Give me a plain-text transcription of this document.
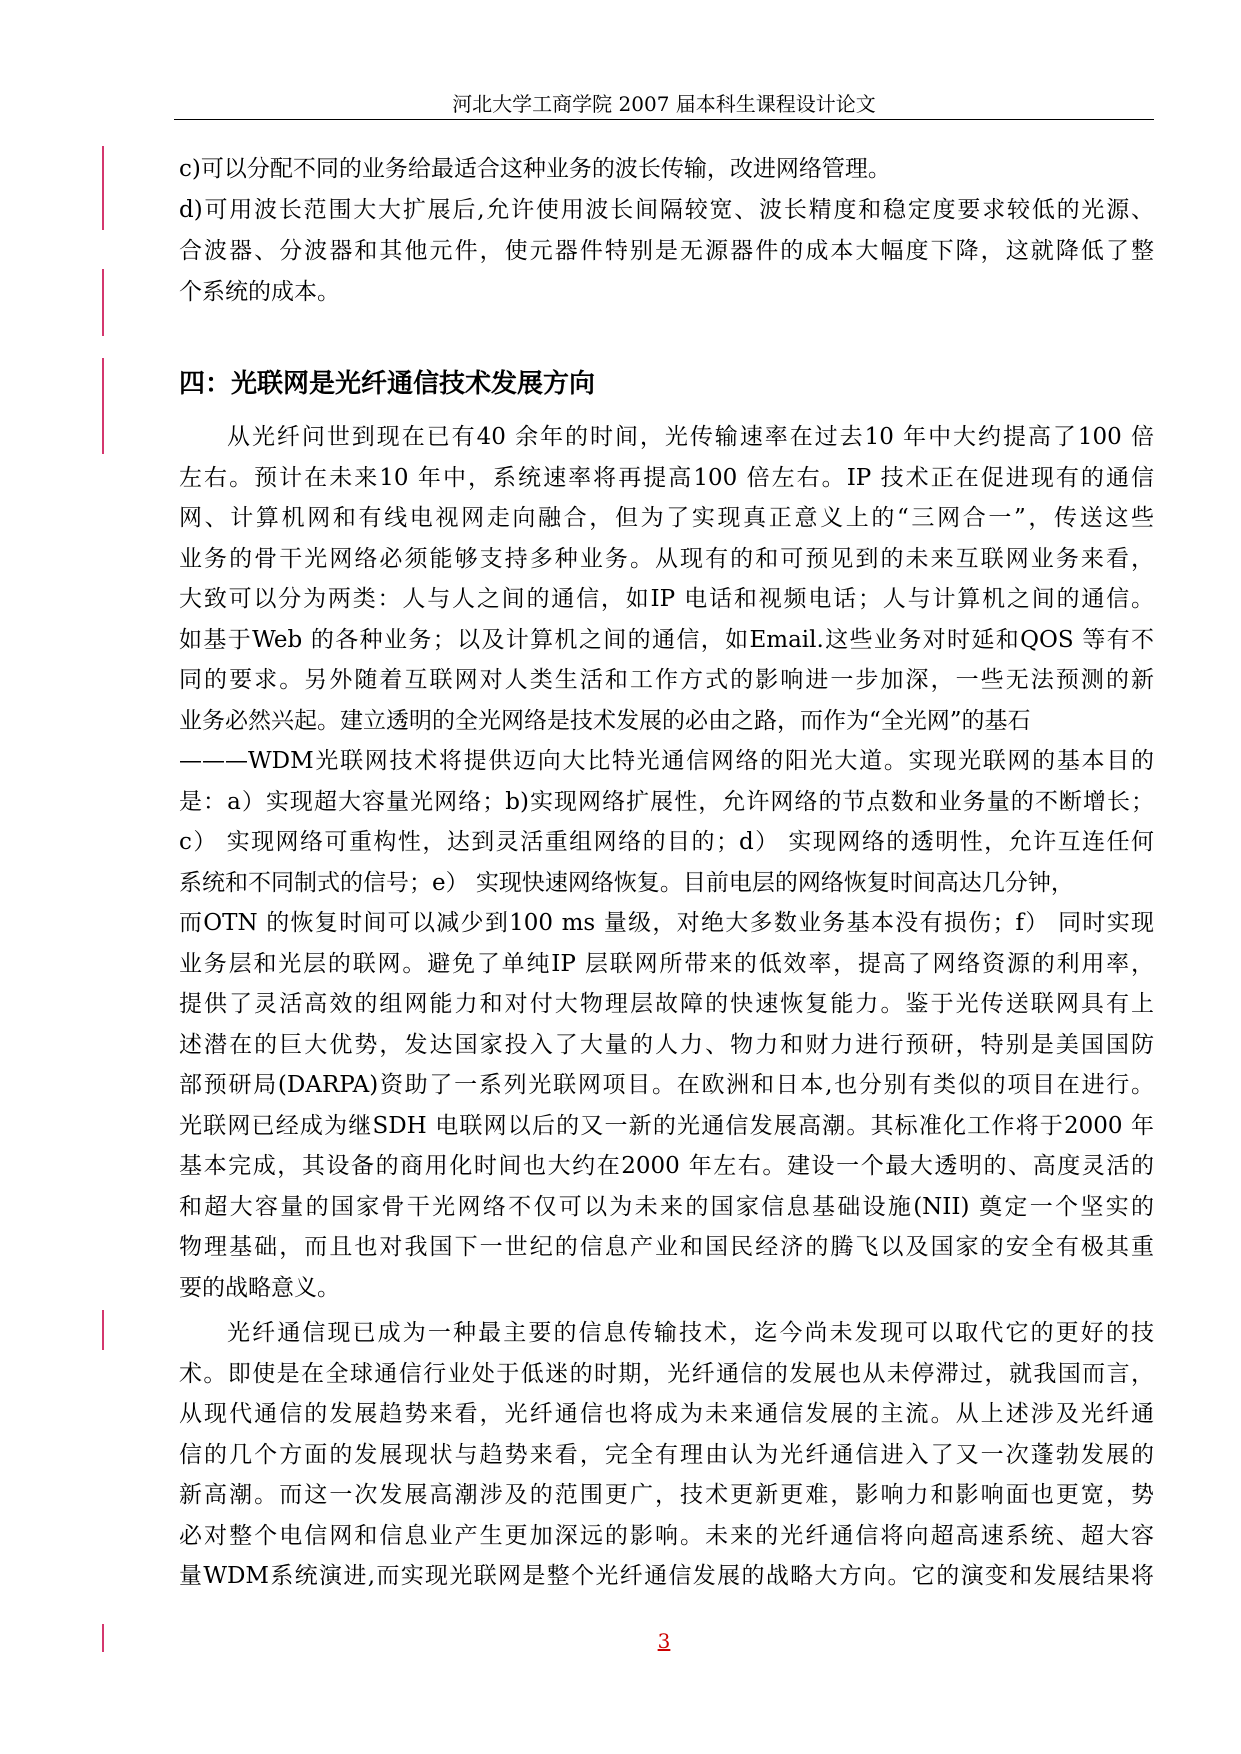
河北大学工商学院 2007 届本科生课程设计论文
c)可以分配不同的业务给最适合这种业务的波长传输，改进网络管理。
d)可用波长范围大大扩展后,允许使用波长间隔较宽、波长精度和稳定度要求较低的光源、
合波器、分波器和其他元件，使元器件特别是无源器件的成本大幅度下降，这就降低了整
个系统的成本。
四：光联网是光纤通信技术发展方向
从光纤问世到现在已有40 余年的时间，光传输速率在过去10 年中大约提高了100 倍
左右。预计在未来10 年中，系统速率将再提高100 倍左右。IP 技术正在促进现有的通信
网、计算机网和有线电视网走向融合，但为了实现真正意义上的“三网合一”，传送这些
业务的骨干光网络必须能够支持多种业务。从现有的和可预见到的未来互联网业务来看，
大致可以分为两类：人与人之间的通信，如IP 电话和视频电话；人与计算机之间的通信。
如基于Web 的各种业务；以及计算机之间的通信，如Email.这些业务对时延和QOS 等有不
同的要求。另外随着互联网对人类生活和工作方式的影响进一步加深，一些无法预测的新
业务必然兴起。建立透明的全光网络是技术发展的必由之路，而作为“全光网”的基石
———WDM光联网技术将提供迈向大比特光通信网络的阳光大道。实现光联网的基本目的
是：a）实现超大容量光网络；b)实现网络扩展性，允许网络的节点数和业务量的不断增长；
c） 实现网络可重构性，达到灵活重组网络的目的；d） 实现网络的透明性，允许互连任何
系统和不同制式的信号；e） 实现快速网络恢复。目前电层的网络恢复时间高达几分钟，
而OTN 的恢复时间可以减少到100 ms 量级，对绝大多数业务基本没有损伤；f） 同时实现
业务层和光层的联网。避免了单纯IP 层联网所带来的低效率，提高了网络资源的利用率，
提供了灵活高效的组网能力和对付大物理层故障的快速恢复能力。鉴于光传送联网具有上
述潜在的巨大优势，发达国家投入了大量的人力、物力和财力进行预研，特别是美国国防
部预研局(DARPA)资助了一系列光联网项目。在欧洲和日本,也分别有类似的项目在进行。
光联网已经成为继SDH 电联网以后的又一新的光通信发展高潮。其标准化工作将于2000 年
基本完成，其设备的商用化时间也大约在2000 年左右。建设一个最大透明的、高度灵活的
和超大容量的国家骨干光网络不仅可以为未来的国家信息基础设施(NII) 奠定一个坚实的
物理基础，而且也对我国下一世纪的信息产业和国民经济的腾飞以及国家的安全有极其重
要的战略意义。
光纤通信现已成为一种最主要的信息传输技术，迄今尚未发现可以取代它的更好的技
术。即使是在全球通信行业处于低迷的时期，光纤通信的发展也从未停滞过，就我国而言，
从现代通信的发展趋势来看，光纤通信也将成为未来通信发展的主流。从上述涉及光纤通
信的几个方面的发展现状与趋势来看，完全有理由认为光纤通信进入了又一次蓬勃发展的
新高潮。而这一次发展高潮涉及的范围更广，技术更新更难，影响力和影响面也更宽，势
必对整个电信网和信息业产生更加深远的影响。未来的光纤通信将向超高速系统、超大容
量WDM系统演进,而实现光联网是整个光纤通信发展的战略大方向。它的演变和发展结果将
3
